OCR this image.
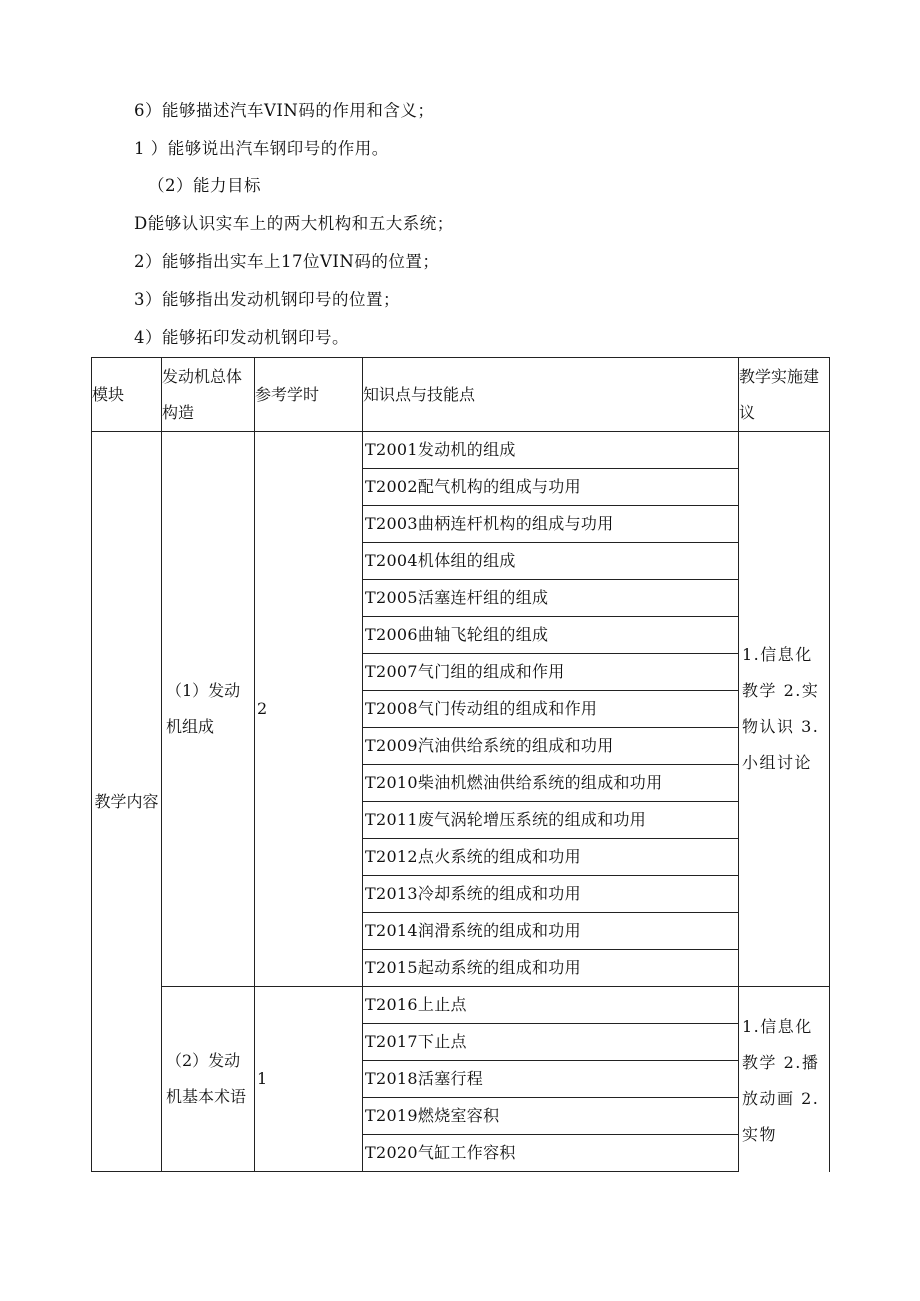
6）能够描述汽车VIN码的作用和含义；
1 ）能够说出汽车钢印号的作用。
（2）能力目标
D能够认识实车上的两大机构和五大系统；
2）能够指出实车上17位VIN码的位置；
3）能够指出发动机钢印号的位置；
4）能够拓印发动机钢印号。
模块	发动机总体构造	参考学时	知识点与技能点	教学实施建议
教学内容	（1）发动机组成	2	T2001发动机的组成	1.信息化教学 2.实物认识 3.小组讨论
			T2002配气机构的组成与功用	
			T2003曲柄连杆机构的组成与功用	
			T2004机体组的组成	
			T2005活塞连杆组的组成	
			T2006曲轴飞轮组的组成	
			T2007气门组的组成和作用	
			T2008气门传动组的组成和作用	
			T2009汽油供给系统的组成和功用	
			T2010柴油机燃油供给系统的组成和功用	
			T2011废气涡轮增压系统的组成和功用	
			T2012点火系统的组成和功用	
			T2013冷却系统的组成和功用	
			T2014润滑系统的组成和功用	
			T2015起动系统的组成和功用	
	（2）发动机基本术语	1	T2016上止点	1.信息化教学 2.播放动画 2.实物
			T2017下止点	
			T2018活塞行程	
			T2019燃烧室容积	
			T2020气缸工作容积	
